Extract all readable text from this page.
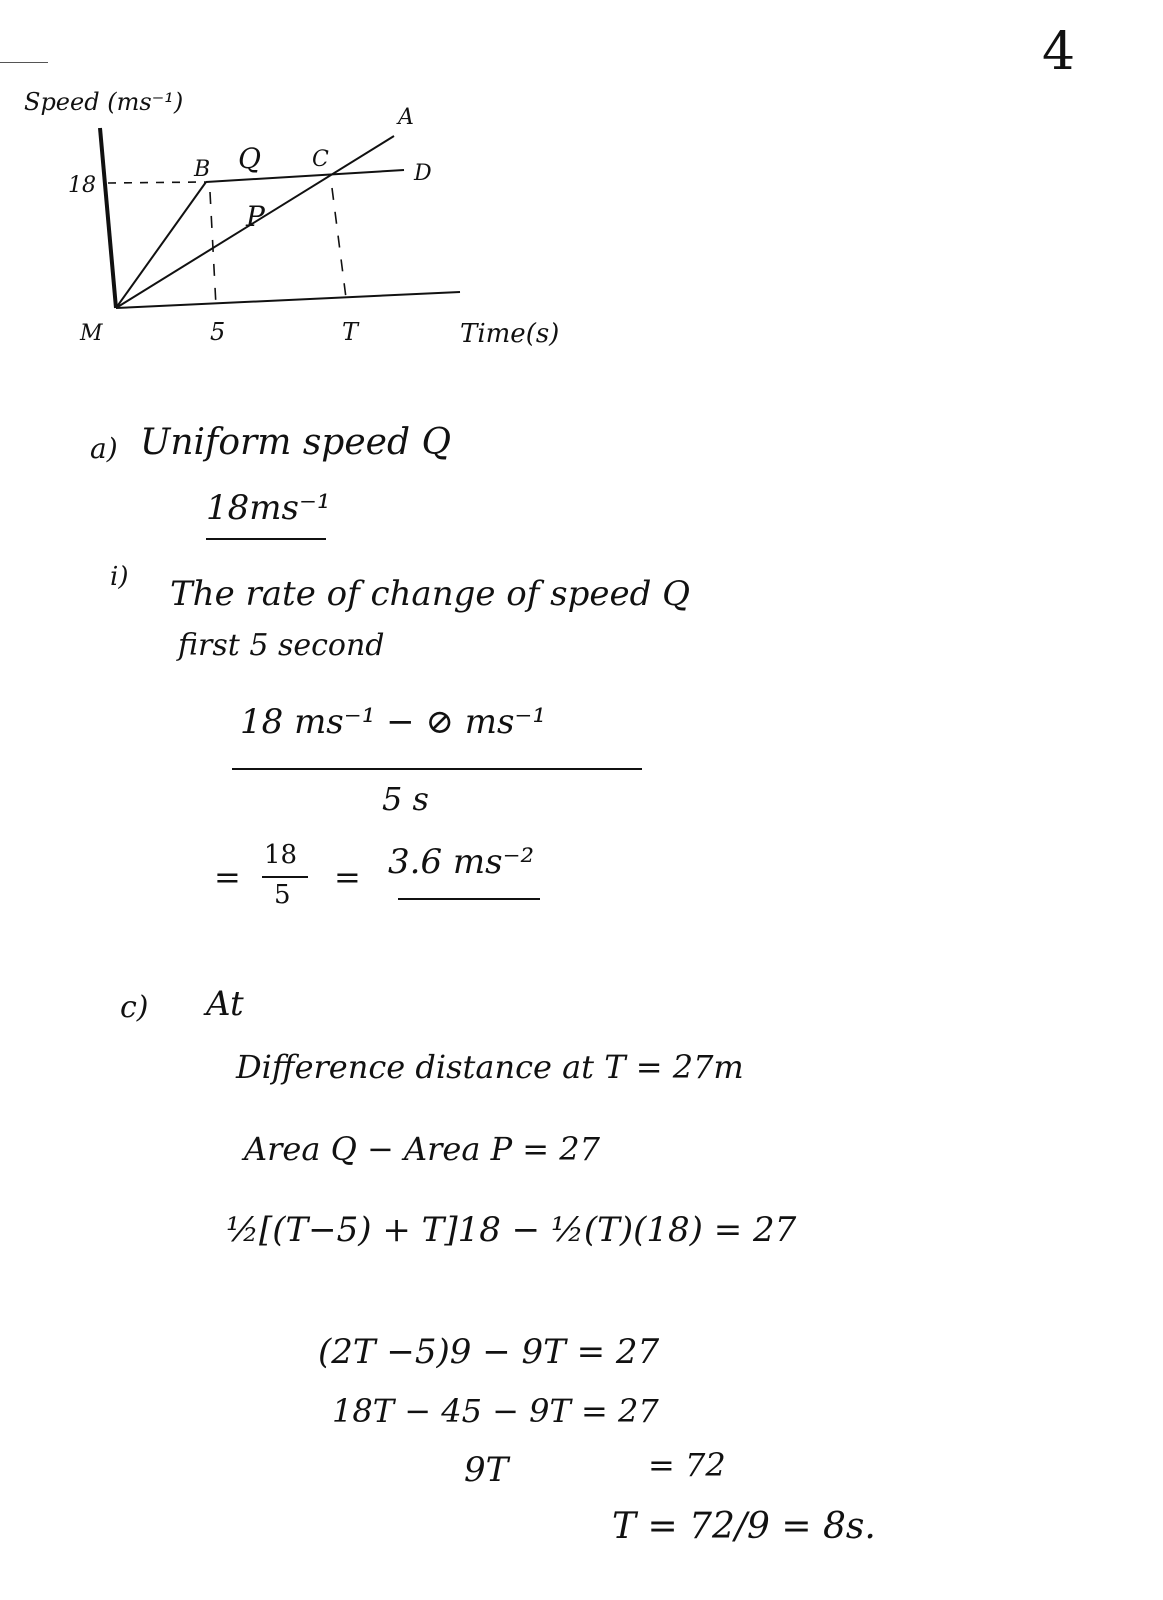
4
Speed (ms⁻¹)
18
A
B Q C
D
P
M	5	T	Time(s)
a) Uniform speed Q
18ms⁻¹
i) The rate of change of speed Q
first 5 second
18 ms⁻¹ − ⊘ ms⁻¹
5 s
=
18
5 = 3.6 ms⁻²
c) At
Difference distance at T = 27m
Area Q − Area P = 27
½[(T−5) + T]18 − ½(T)(18) = 27
(2T −5)9 − 9T = 27
18T − 45 − 9T = 27
9T	= 72
T = 72/9 = 8s.
